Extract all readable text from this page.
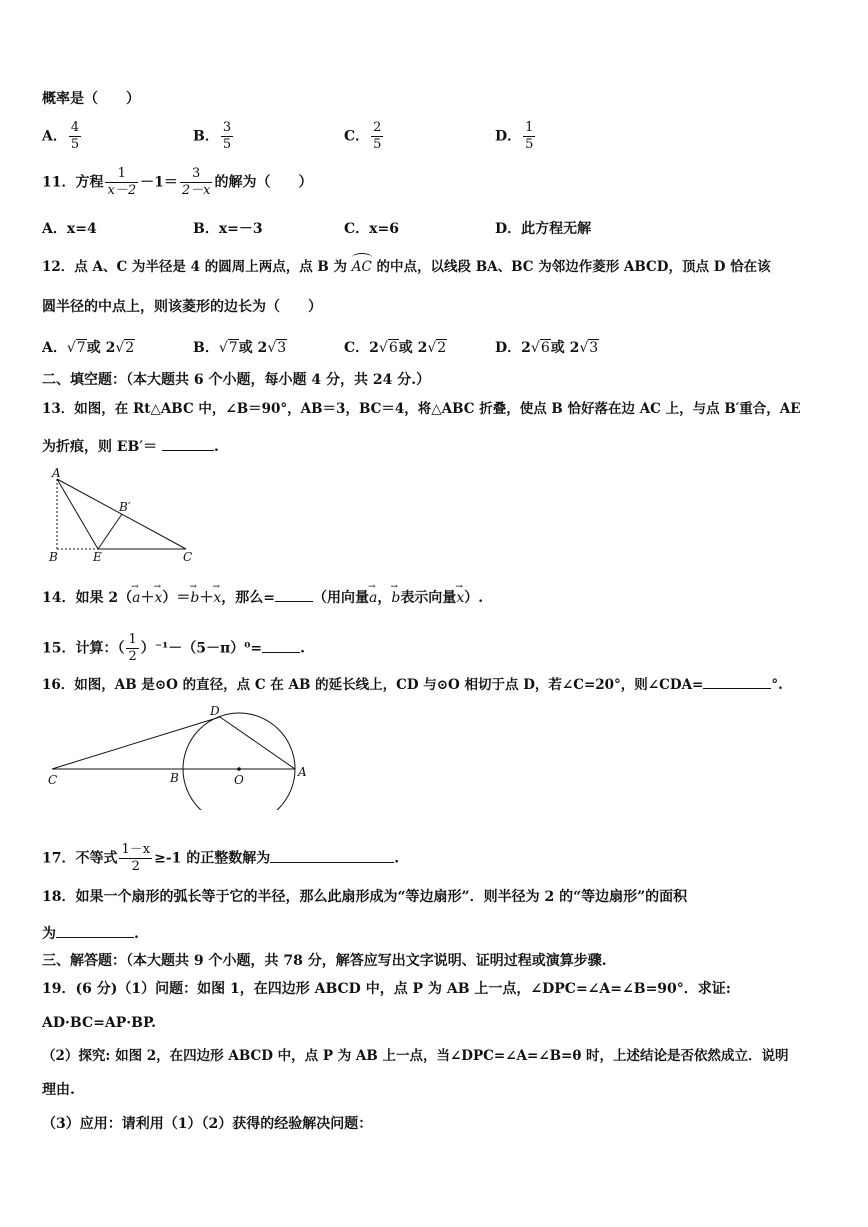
概率是（　　）
A． $\frac{4}{5}$	B． $\frac{3}{5}$	C． $\frac{2}{5}$	D． $\frac{1}{5}$
11．方程 $\frac{1}{x-2} -1= \frac{3}{2-x}$ 的解为（　　）
A．x=4	B．x=－3	C．x=6	D．此方程无解
12．点 A、C 为半径是 4 的圆周上两点，点 B 为 AC 的中点，以线段 BA、BC 为邻边作菱形 ABCD，顶点 D 恰在该
圆半径的中点上，则该菱形的边长为（　　）
A．√7或 2√2	B．√7或 2√3	C．2√6或 2√2	D．2√6或 2√3
二、填空题：（本大题共 6 个小题，每小题 4 分，共 24 分.）
13．如图，在 Rt△ABC 中，∠B＝90°，AB＝3，BC＝4，将△ABC 折叠，使点 B 恰好落在边 AC 上，与点 B′重合，AE
为折痕，则 EB′＝	.
A
B	E	C
B′
14．如果 2（→ a＋→ x）＝→ b＋→ x，那么=	（用向量→ a，→ b表示向量→ x）.
15．计算：（ $\frac{1}{2} )^{-1}-(5-\pi)^0=$	.
16．如图，AB 是⊙O 的直径，点 C 在 AB 的延长线上，CD 与⊙O 相切于点 D，若∠C=20°，则∠CDA=	°.
D
C	B	O
A
17．不等式 $\frac{1-x}{2} \ge-1$ 的正整数解为	.
18．如果一个扇形的弧长等于它的半径，那么此扇形成为“等边扇形”．则半径为 2 的“等边扇形”的面积
为	.
三、解答题：（本大题共 9 个小题，共 78 分，解答应写出文字说明、证明过程或演算步骤.
19．(6 分)（1）问题：如图 1，在四边形 ABCD 中，点 P 为 AB 上一点，∠DPC=∠A=∠B=90°．求证:
AD·BC=AP·BP.
（2）探究: 如图 2，在四边形 ABCD 中，点 P 为 AB 上一点，当∠DPC=∠A=∠B=θ 时，上述结论是否依然成立．说明
理由.
（3）应用：请利用（1）（2）获得的经验解决问题：
